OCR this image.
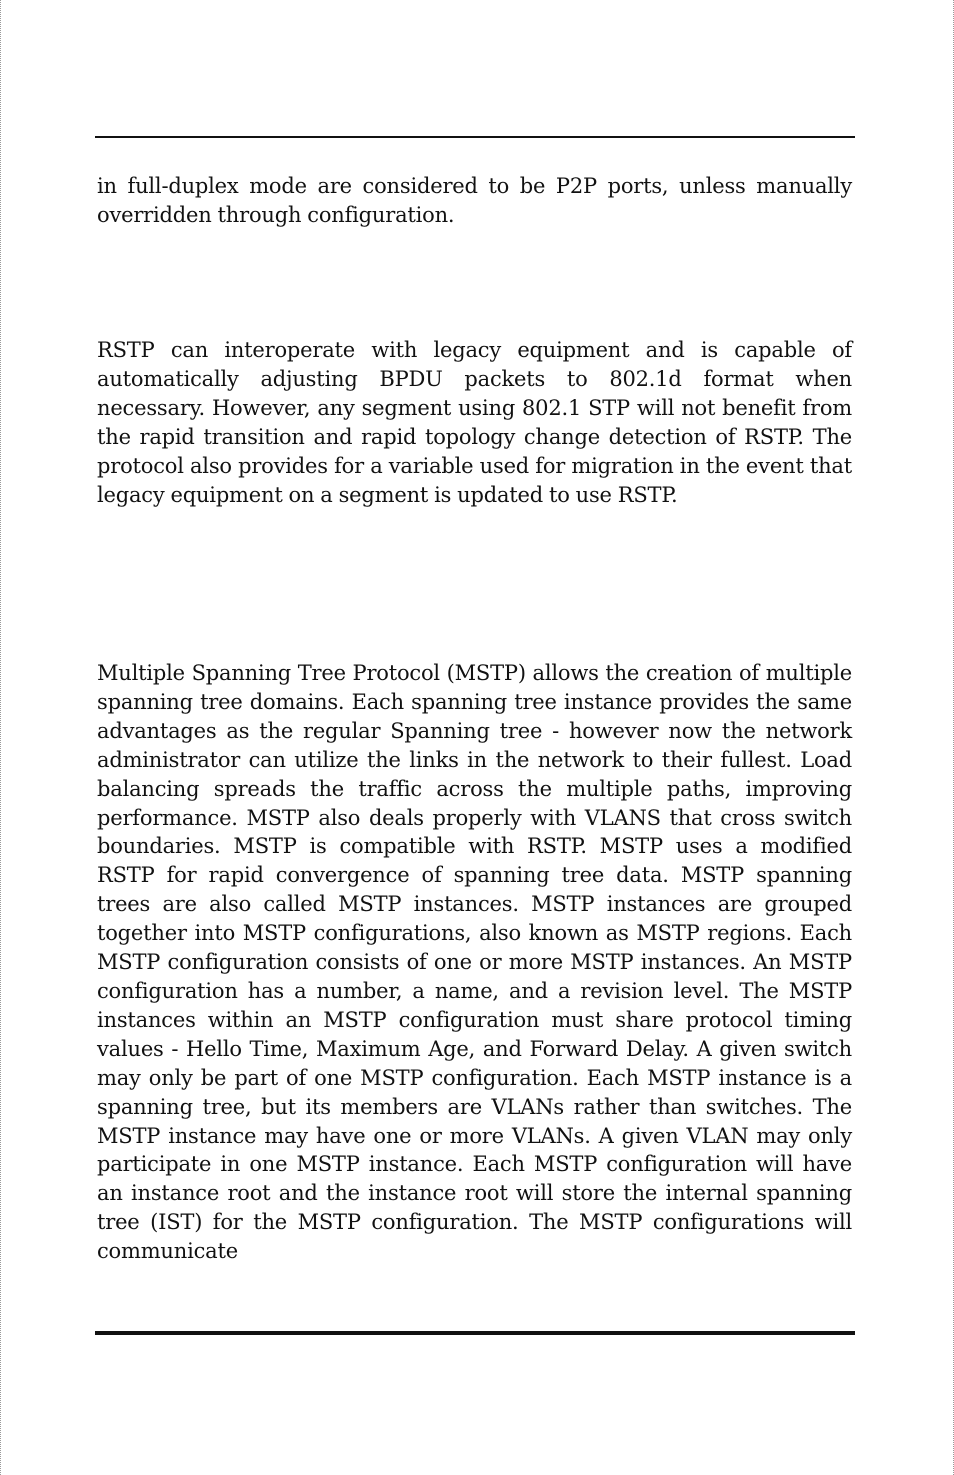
in full-duplex mode are considered to be P2P ports, unless manually overridden through configuration.

RSTP can interoperate with legacy equipment and is capable of automatically adjusting BPDU packets to 802.1d format when necessary. However, any segment using 802.1 STP will not benefit from the rapid transition and rapid topology change detection of RSTP. The protocol also provides for a variable used for migration in the event that legacy equipment on a segment is updated to use RSTP.

Multiple Spanning Tree Protocol (MSTP) allows the creation of multiple spanning tree domains. Each spanning tree instance provides the same advantages as the regular Spanning tree - however now the network administrator can utilize the links in the network to their fullest. Load balancing spreads the traffic across the multiple paths, improving performance. MSTP also deals properly with VLANS that cross switch boundaries. MSTP is compatible with RSTP. MSTP uses a modified RSTP for rapid convergence of spanning tree data. MSTP spanning trees are also called MSTP instances. MSTP instances are grouped together into MSTP configurations, also known as MSTP regions. Each MSTP configuration consists of one or more MSTP instances. An MSTP configuration has a number, a name, and a revision level. The MSTP instances within an MSTP configuration must share protocol timing values - Hello Time, Maximum Age, and Forward Delay. A given switch may only be part of one MSTP configuration. Each MSTP instance is a spanning tree, but its members are VLANs rather than switches. The MSTP instance may have one or more VLANs. A given VLAN may only participate in one MSTP instance. Each MSTP configuration will have an instance root and the instance root will store the internal spanning tree (IST) for the MSTP configuration. The MSTP configurations will communicate
